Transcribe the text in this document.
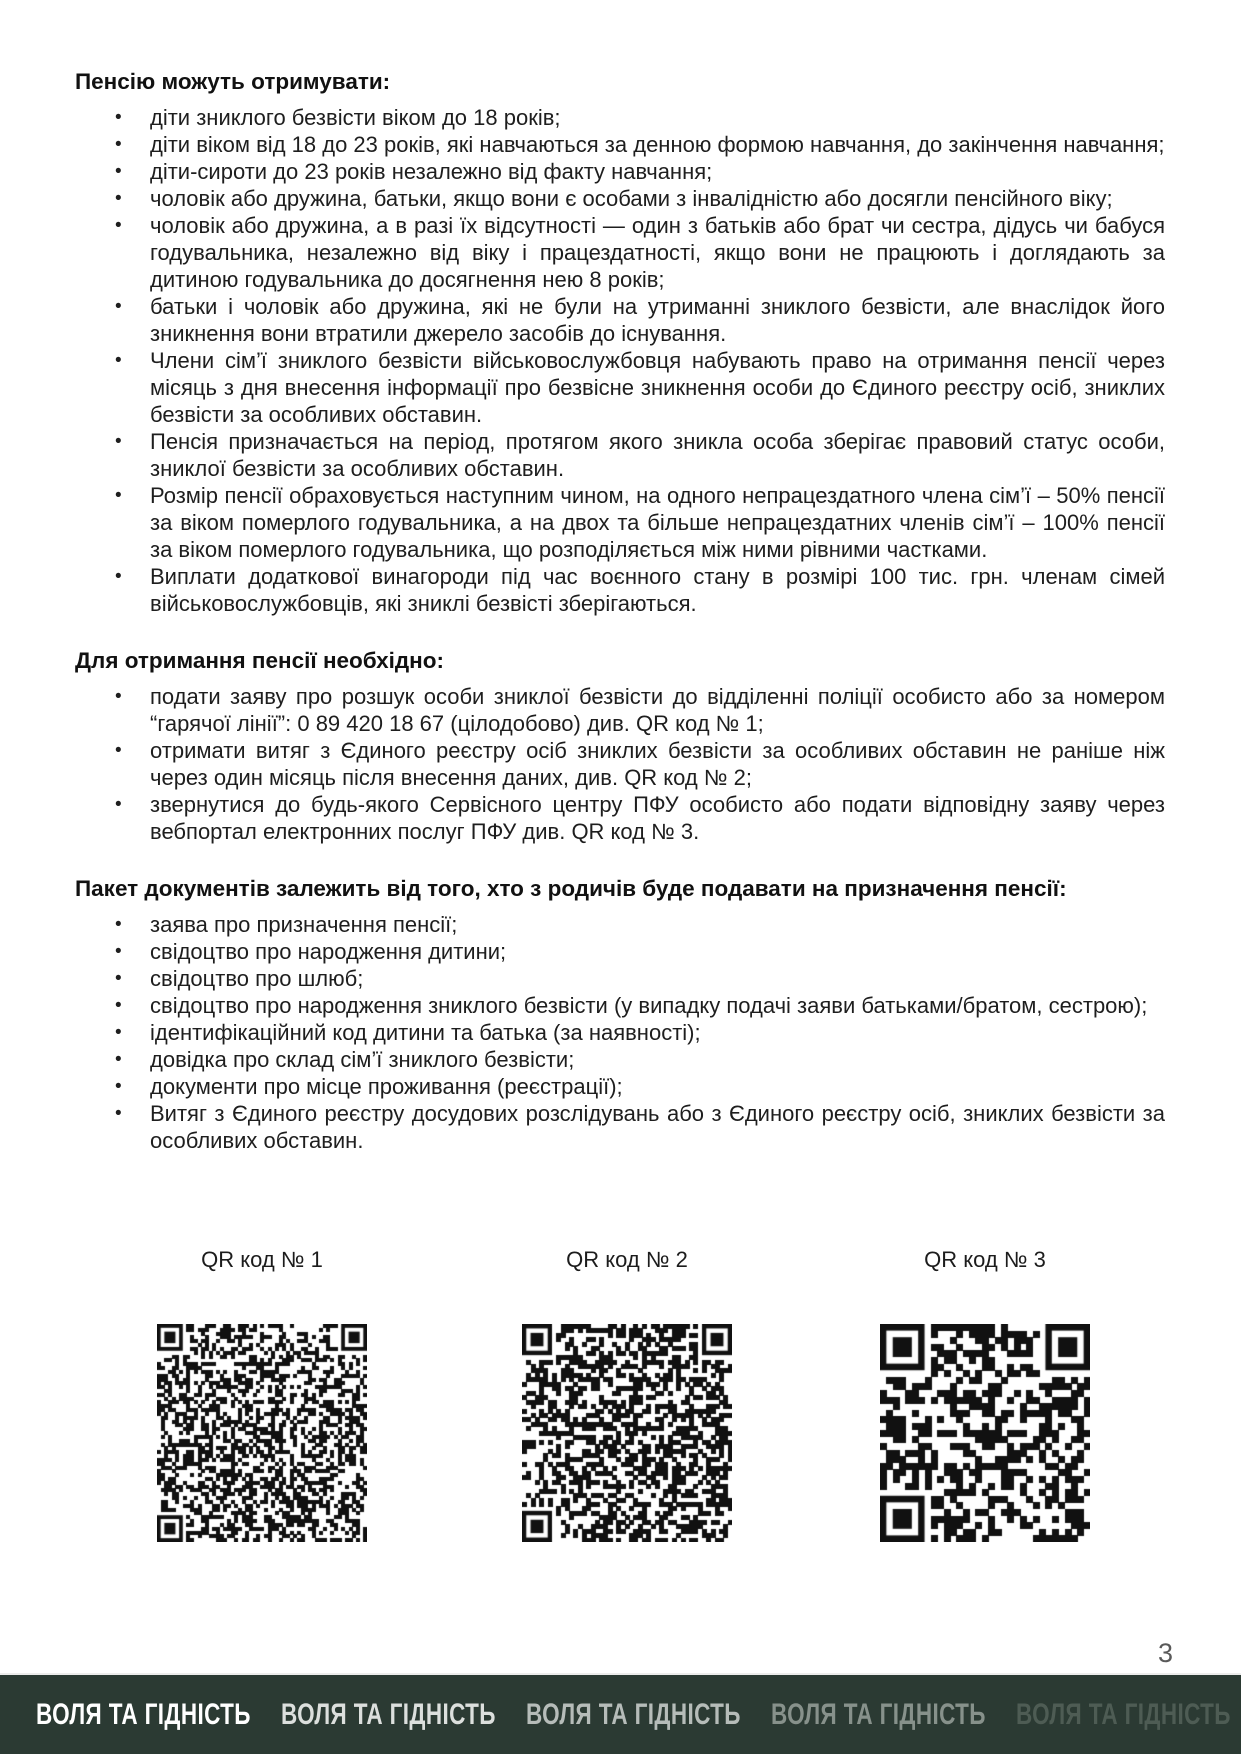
Пенсію можуть отримувати:
• діти зниклого безвісти віком до 18 років;
• діти віком від 18 до 23 років, які навчаються за денною формою навчання, до закінчення навчання;
• діти-сироти до 23 років незалежно від факту навчання;
• чоловік або дружина, батьки, якщо вони є особами з інвалідністю або досягли пенсійного віку;
• чоловік або дружина, а в разі їх відсутності — один з батьків або брат чи сестра, дідусь чи бабуся годувальника, незалежно від віку і працездатності, якщо вони не працюють і доглядають за дитиною годувальника до досягнення нею 8 років;
• батьки і чоловік або дружина, які не були на утриманні зниклого безвісти, але внаслідок його зникнення вони втратили джерело засобів до існування.
• Члени сім’ї зниклого безвісти військовослужбовця набувають право на отримання пенсії через місяць з дня внесення інформації про безвісне зникнення особи до Єдиного реєстру осіб, зниклих безвісти за особливих обставин.
• Пенсія призначається на період, протягом якого зникла особа зберігає правовий статус особи, зниклої безвісти за особливих обставин.
• Розмір пенсії обраховується наступним чином, на одного непрацездатного члена сім’ї – 50% пенсії за віком померлого годувальника, а на двох та більше непрацездатних членів сім’ї – 100% пенсії за віком померлого годувальника, що розподіляється між ними рівними частками.
• Виплати додаткової винагороди під час воєнного стану в розмірі 100 тис. грн. членам сімей військовослужбовців, які зниклі безвісті зберігаються.
Для отримання пенсії необхідно:
• подати заяву про розшук особи зниклої безвісти до відділенні поліції особисто або за номером “гарячої лінії”: 0 89 420 18 67 (цілодобово) див. QR код № 1;
• отримати витяг з Єдиного реєстру осіб зниклих безвісти за особливих обставин не раніше ніж через один місяць після внесення даних, див. QR код № 2;
• звернутися до будь-якого Сервісного центру ПФУ особисто або подати відповідну заяву через вебпортал електронних послуг ПФУ див. QR код № 3.
Пакет документів залежить від того, хто з родичів буде подавати на призначення пенсії:
• заява про призначення пенсії;
• свідоцтво про народження дитини;
• свідоцтво про шлюб;
• свідоцтво про народження зниклого безвісти (у випадку подачі заяви батьками/братом, сестрою);
• ідентифікаційний код дитини та батька (за наявності);
• довідка про склад сім’ї зниклого безвісти;
• документи про місце проживання (реєстрації);
• Витяг з Єдиного реєстру досудових розслідувань або з Єдиного реєстру осіб, зниклих безвісти за особливих обставин.
QR код № 1	QR код № 2	QR код № 3
3
ВОЛЯ ТА ГІДНІСТЬ ВОЛЯ ТА ГІДНІСТЬ ВОЛЯ ТА ГІДНІСТЬ ВОЛЯ ТА ГІДНІСТЬ ВОЛЯ ТА ГІДНІСТЬ
